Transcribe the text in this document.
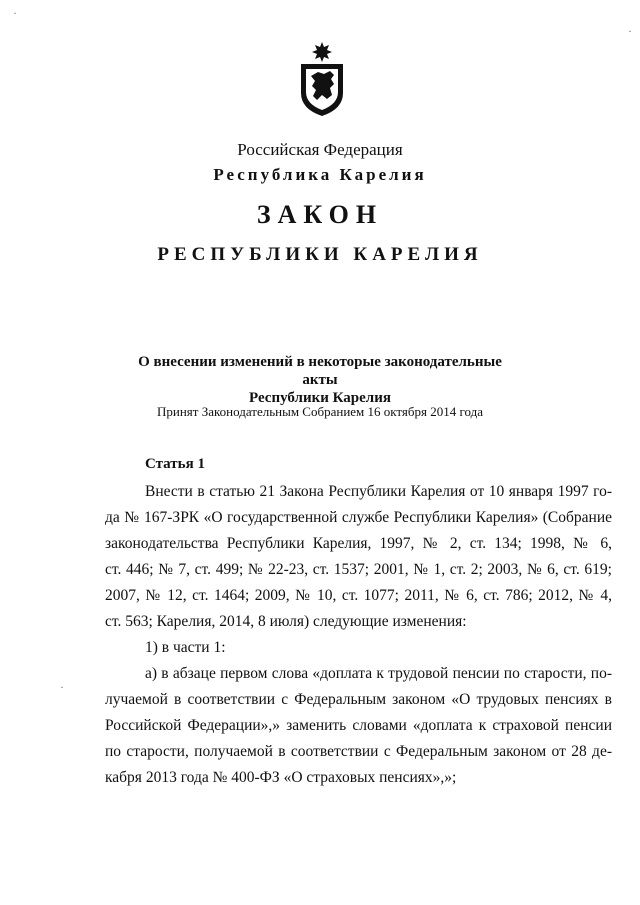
Российская Федерация
Республика Карелия
ЗАКОН
РЕСПУБЛИКИ КАРЕЛИЯ
О внесении изменений в некоторые законодательные акты
Республики Карелия
Принят Законодательным Собранием 16 октября 2014 года
Статья 1
Внести в статью 21 Закона Республики Карелия от 10 января 1997 го-
да № 167-ЗРК «О государственной службе Республики Карелия» (Собрание
законодательства Республики Карелия, 1997, № 2, ст. 134; 1998, № 6,
ст. 446; № 7, ст. 499; № 22-23, ст. 1537; 2001, № 1, ст. 2; 2003, № 6, ст. 619;
2007, № 12, ст. 1464; 2009, № 10, ст. 1077; 2011, № 6, ст. 786; 2012, № 4,
ст. 563; Карелия, 2014, 8 июля) следующие изменения:
1) в части 1:
а) в абзаце первом слова «доплата к трудовой пенсии по старости, по-
лучаемой в соответствии с Федеральным законом «О трудовых пенсиях в
Российской Федерации»,» заменить словами «доплата к страховой пенсии
по старости, получаемой в соответствии с Федеральным законом от 28 де-
кабря 2013 года № 400-ФЗ «О страховых пенсиях»,»;
·
·
·
